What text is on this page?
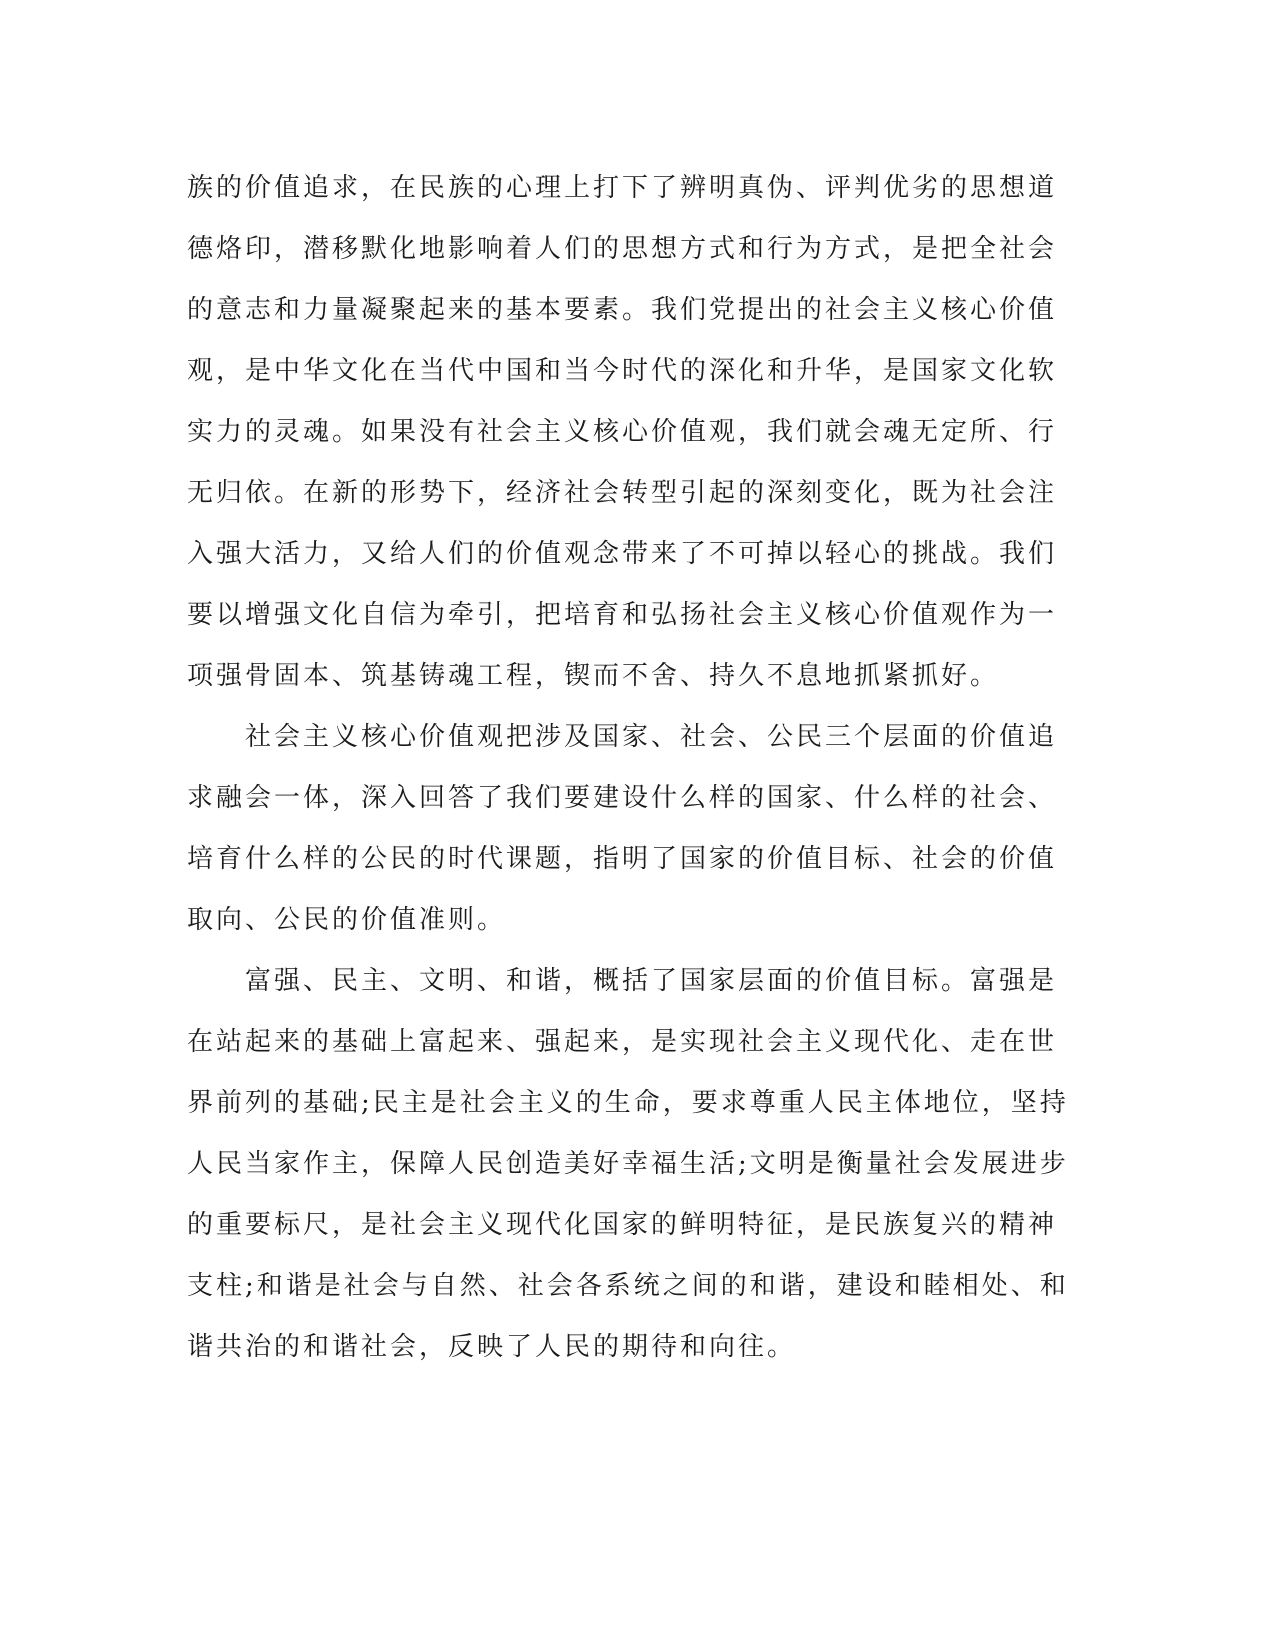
族的价值追求，在民族的心理上打下了辨明真伪、评判优劣的思想道
德烙印，潜移默化地影响着人们的思想方式和行为方式，是把全社会
的意志和力量凝聚起来的基本要素。我们党提出的社会主义核心价值
观，是中华文化在当代中国和当今时代的深化和升华，是国家文化软
实力的灵魂。如果没有社会主义核心价值观，我们就会魂无定所、行
无归依。在新的形势下，经济社会转型引起的深刻变化，既为社会注
入强大活力，又给人们的价值观念带来了不可掉以轻心的挑战。我们
要以增强文化自信为牵引，把培育和弘扬社会主义核心价值观作为一
项强骨固本、筑基铸魂工程，锲而不舍、持久不息地抓紧抓好。
　　社会主义核心价值观把涉及国家、社会、公民三个层面的价值追
求融会一体，深入回答了我们要建设什么样的国家、什么样的社会、
培育什么样的公民的时代课题，指明了国家的价值目标、社会的价值
取向、公民的价值准则。
　　富强、民主、文明、和谐，概括了国家层面的价值目标。富强是
在站起来的基础上富起来、强起来，是实现社会主义现代化、走在世
界前列的基础;民主是社会主义的生命，要求尊重人民主体地位，坚持
人民当家作主，保障人民创造美好幸福生活;文明是衡量社会发展进步
的重要标尺，是社会主义现代化国家的鲜明特征，是民族复兴的精神
支柱;和谐是社会与自然、社会各系统之间的和谐，建设和睦相处、和
谐共治的和谐社会，反映了人民的期待和向往。
